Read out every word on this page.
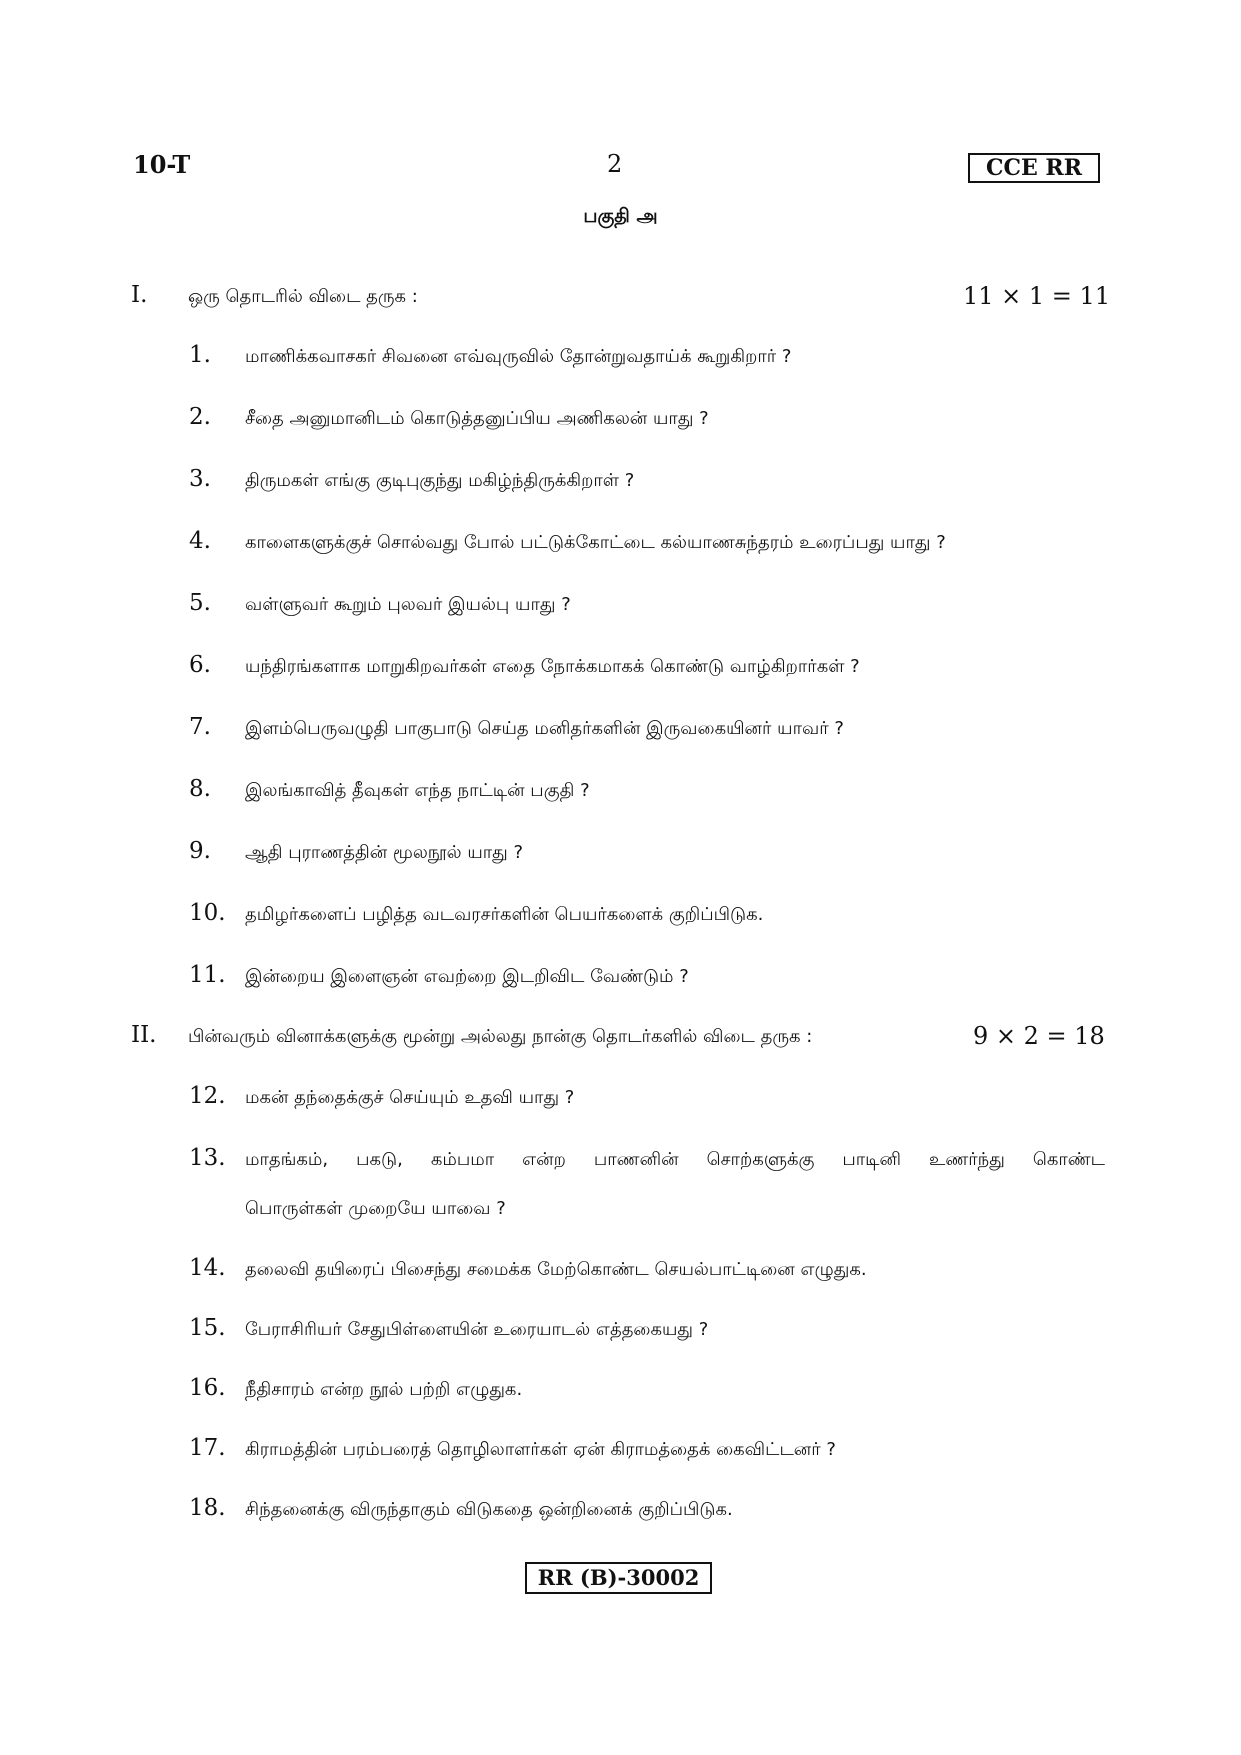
10-T	2	CCE RR
பகுதி அ
I. ஒரு தொடரில் விடை தருக :	11 × 1 = 11
1.	மாணிக்கவாசகர் சிவனை எவ்வுருவில் தோன்றுவதாய்க் கூறுகிறார் ?
2.	சீதை அனுமானிடம் கொடுத்தனுப்பிய அணிகலன் யாது ?
3.	திருமகள் எங்கு குடிபுகுந்து மகிழ்ந்திருக்கிறாள் ?
4.	காளைகளுக்குச் சொல்வது போல் பட்டுக்கோட்டை கல்யாணசுந்தரம் உரைப்பது யாது ?
5.	வள்ளுவர் கூறும் புலவர் இயல்பு யாது ?
6.	யந்திரங்களாக மாறுகிறவர்கள் எதை நோக்கமாகக் கொண்டு வாழ்கிறார்கள் ?
7.	இளம்பெருவழுதி பாகுபாடு செய்த மனிதர்களின் இருவகையினர் யாவர் ?
8.	இலங்காவித் தீவுகள் எந்த நாட்டின் பகுதி ?
9.	ஆதி புராணத்தின் மூலநூல் யாது ?
10.	தமிழர்களைப் பழித்த வடவரசர்களின் பெயர்களைக் குறிப்பிடுக.
11.	இன்றைய இளைஞன் எவற்றை இடறிவிட வேண்டும் ?
II. பின்வரும் வினாக்களுக்கு மூன்று அல்லது நான்கு தொடர்களில் விடை தருக :	9 × 2 = 18
12.	மகன் தந்தைக்குச் செய்யும் உதவி யாது ?
13.	மாதங்கம், பகடு, கம்பமா என்ற பாணனின் சொற்களுக்கு பாடினி உணர்ந்து கொண்ட
பொருள்கள் முறையே யாவை ?
14.	தலைவி தயிரைப் பிசைந்து சமைக்க மேற்கொண்ட செயல்பாட்டினை எழுதுக.
15.	பேராசிரியர் சேதுபிள்ளையின் உரையாடல் எத்தகையது ?
16.	நீதிசாரம் என்ற நூல் பற்றி எழுதுக.
17.	கிராமத்தின் பரம்பரைத் தொழிலாளர்கள் ஏன் கிராமத்தைக் கைவிட்டனர் ?
18.	சிந்தனைக்கு விருந்தாகும் விடுகதை ஒன்றினைக் குறிப்பிடுக.
RR (B)-30002
